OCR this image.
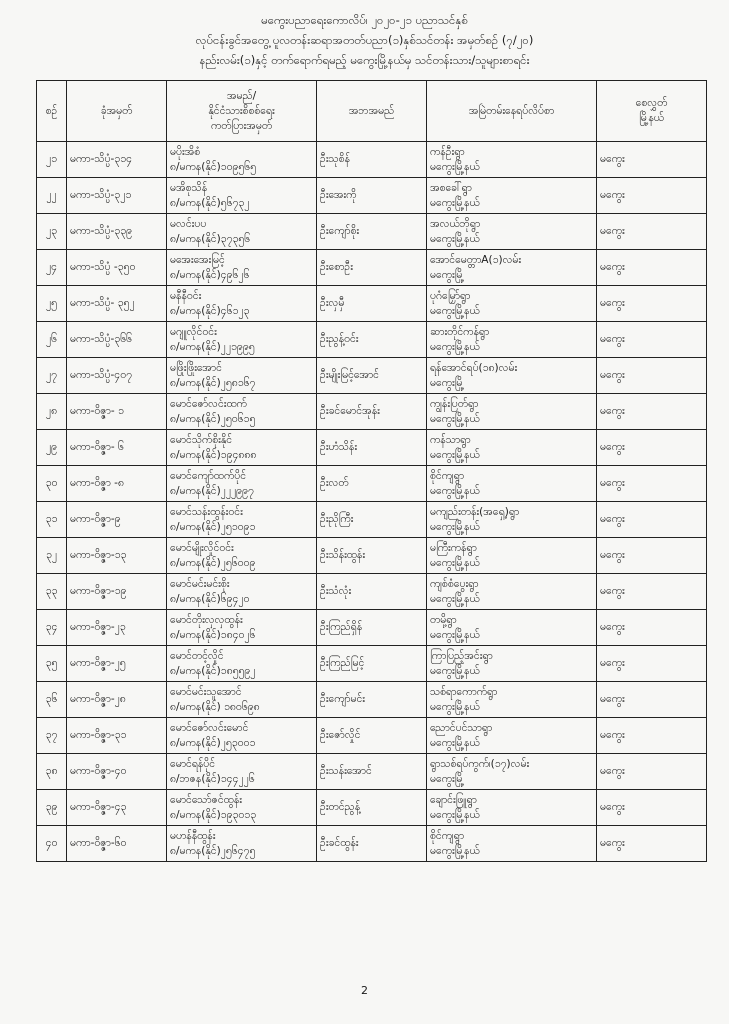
မကွေးပညာရေးကောလိပ်၊ ၂၀၂၀-၂၁ ပညာသင်နှစ်
လုပ်ငန်းခွင်အတွေ့ ပူလတန်းဆရာအတတ်ပညာ(၁)နှစ်သင်တန်း အမှတ်စဉ် (၇/၂၀)
နည်းလမ်း(၁)နှင့် တက်ရောက်ရမည့် မကွေးမြို့နယ်မှ သင်တန်းသား/သူများစာရင်း
စဉ်	ခုံအမှတ်	အမည်/
နိုင်ငံသားစိစစ်ရေး
ကတ်ပြားအမှတ်	အဘအမည်	အမြဲတမ်းနေရပ်လိပ်စာ	စေလွှတ်
မြို့နယ်

၂၁	မကာ-သိပ္ပံ-၃၁၄	မပိုးအိစံ
၈/မကန(နိုင်)၁၀၉၅၆၅	ဦးသုစိန်	ကန်ဦးရွာ
မကွေးမြို့နယ်	မကွေး
၂၂	မကာ-သိပ္ပံ-၃၂၁	မအိစုသိန်
၈/မကန(နိုင်)၅၆၇၃၂	ဦးအေးကို	အစခေါ်ရွာ
မကွေးမြို့နယ်	မကွေး
၂၃	မကာ-သိပ္ပံ-၃၃၉	မလင်းပပ
၈/မကန(နိုင်)၃၇၃၅၆	ဦးကျော်စိုး	အလယ်ဘိုရွာ
မကွေးမြို့နယ်	မကွေး
၂၄	မကာ-သိပ္ပံ -၃၅၀	မအေးအေးမြင့်
၈/မကန(နိုင်)၄၉၆၂၆	ဦးစောဦး	အောင်မေတ္တာA(၁)လမ်း
မကွေးမြို့	မကွေး
၂၅	မကာ-သိပ္ပံ- ၃၅၂	မနီနီဝင်း
၈/မကန(နိုင်)၄၆၁၂၃	ဦးလှမှီ	ပုဂံမြှော်ရွာ
မကွေးမြို့နယ်	မကွေး
၂၆	မကာ-သိပ္ပံ-၃၆၆	မဂျူလိုင်ဝင်း
၈/မကန(နိုင်)၂၂၁၉၉၅	ဦးညွန့်ဝင်း	ဆားတိုင်ကန်ရွာ
မကွေးမြို့နယ်	မကွေး
၂၇	မကာ-သိပ္ပံ-၄၀၇	မဖြိုးဖြိုးအောင်
၈/မကန(နိုင်)၂၅၈၁၆၇	ဦးမျိုးမြင့်အောင်	ရန်အောင်ရပ်(၁၈)လမ်း
မကွေးမြို့	မကွေး
၂၈	မကာ-ဝိဇ္ဇာ- ၁	မောင်ဇော်လင်းထက်
၈/မကန(နိုင်)၂၅၀၆၁၅	ဦးခင်မောင်အုန်း	ကျွန်းပြတ်ရွာ
မကွေးမြို့နယ်	မကွေး
၂၉	မကာ-ဝိဇ္ဇာ- ၆	မောင်သိုက်စိုးနိုင်
၈/မကန(နိုင်)၁၉၄၈၈၈	ဦးဟံသိန်း	ကန်သာရွာ
မကွေးမြို့နယ်	မကွေး
၃၀	မကာ-ဝိဇ္ဇာ -၈	မောင်ကျော်ထက်ပိုင်
၈/မကန(နိုင်)၂၂၂၉၉၇	ဦးလတ်	စိုင်ကျရွာ
မကွေးမြို့နယ်	မကွေး
၃၁	မကာ-ဝိဇ္ဇာ-၉	မောင်သန်းထွန်းဝင်း
၈/မကန(နိုင်)၂၅၁၀၉၁	ဦးညိုကြီး	မကျည်းတန်း(အရှေ့)ရွာ
မကွေးမြို့နယ်	မကွေး
၃၂	မကာ-ဝိဇ္ဇာ-၁၃	မောင်မျိုးလှိုင်ဝင်း
၈/မကန(နိုင်)၂၅၆၀၀၉	ဦးသိန်းထွန်း	မကြီးကန်ရွာ
မကွေးမြို့နယ်	မကွေး
၃၃	မကာ-ဝိဇ္ဇာ-၁၉	မောင်မင်းမင်းစိုး
၈/မကန(နိုင်)၆၉၄၂၀	ဦးသံလုံး	ကျစ်စံပွေးရွာ
မကွေးမြို့နယ်	မကွေး
၃၄	မကာ-ဝိဇ္ဇာ-၂၃	မောင်တိုးလှလှထွန်း
၈/မကန(နိုင်)၁၈၄၀၂၆	ဦးကြည်ရှိန်	တမို့ရွာ
မကွေးမြို့နယ်	မကွေး
၃၅	မကာ-ဝိဇ္ဇာ-၂၅	မောင်တင့်လှိုင်
၈/မကန(နိုင်)၁၈၅၅၉၂	ဦးကြည်မြင့်	ကြာပြည့်အင်းရွာ
မကွေးမြို့နယ်	မကွေး
၃၆	မကာ-ဝိဇ္ဇာ-၂၈	မောင်မင်းသူအောင်
၈/မကန(နိုင်) ၁၈၀၆၉၈	ဦးကျော်မင်း	သစ်ရာကောက်ရွာ
မကွေးမြို့နယ်	မကွေး
၃၇	မကာ-ဝိဇ္ဇာ-၃၁	မောင်ဇော်လင်းမောင်
၈/မကန(နိုင်)၂၅၃၀၀၁	ဦးဇော်လှိုင်	ညောင်ပင်သာရွာ
မကွေးမြို့နယ်	မကွေး
၃၈	မကာ-ဝိဇ္ဇာ-၄၀	မောင်ရန်ပိုင်
၈/ဘဇန(နိုင်)၁၄၄၂၂၆	ဦးသန်းအောင်	ရွာသစ်ရပ်ကွက်၊(၁၇)လမ်း
မကွေးမြို့	မကွေး
၃၉	မကာ-ဝိဇ္ဇာ-၄၃	မောင်သော်ဇင်ထွန်း
၈/မကန(နိုင်)၁၉၃၀၁၃	ဦးတင်ညွန့်	ချောင်းဖြူရွာ
မကွေးမြို့နယ်	မကွေး
၄၀	မကာ-ဝိဇ္ဇာ-၆၀	မဟန်နီထွန်း
၈/မကန(နိုင်)၂၅၆၄၇၅	ဦးခင်ထွန်း	စိုင်ကျရွာ
မကွေးမြို့နယ်	မကွေး
2
